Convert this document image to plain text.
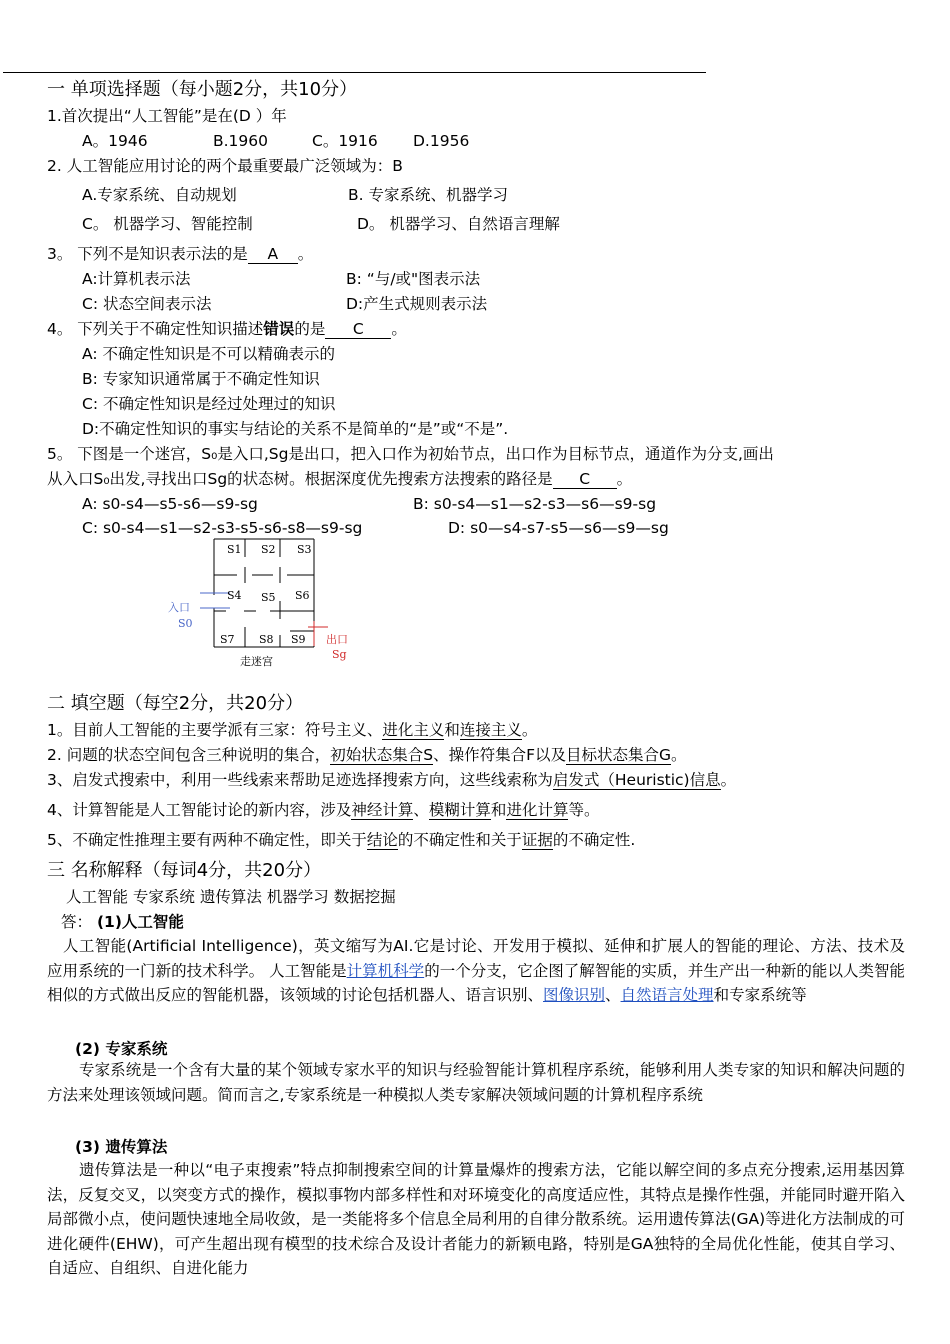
一 单项选择题（每小题2分，共10分）
1.首次提出“人工智能”是在(D ）年
A。1946	B.1960	C。1916 D.1956
2. 人工智能应用讨论的两个最重要最广泛领域为：B
A.专家系统、自动规划	B. 专家系统、机器学习
C。 机器学习、智能控制	D。 机器学习、自然语言理解
3。 下列不是知识表示法的是A。
A:计算机表示法	B: “与/或"图表示法
C: 状态空间表示法	D:产生式规则表示法
4。 下列关于不确定性知识描述错误的是C。
A: 不确定性知识是不可以精确表示的
B: 专家知识通常属于不确定性知识
C: 不确定性知识是经过处理过的知识
D:不确定性知识的事实与结论的关系不是简单的“是”或“不是”.
5。 下图是一个迷宫，S₀是入口,Sg是出口，把入口作为初始节点，出口作为目标节点，通道作为分支,画出
从入口S₀出发,寻找出口Sg的状态树。根据深度优先搜索方法搜索的路径是C。
A: s0-s4—s5-s6—s9-sg	B: s0-s4—s1—s2-s3—s6—s9-sg
C: s0-s4—s1—s2-s3-s5-s6-s8—s9-sg	D: s0—s4-s7-s5—s6—s9—sg
S1 S2 S3
S4 S5 S6
S7 S8 S9
入口
S0
出口
Sg
走迷宫
二 填空题（每空2分，共20分）
1。目前人工智能的主要学派有三家：符号主义、进化主义和连接主义。
2. 问题的状态空间包含三种说明的集合，初始状态集合S、操作符集合F以及目标状态集合G。
3、启发式搜索中，利用一些线索来帮助足迹选择搜索方向，这些线索称为启发式（Heuristic)信息。
4、计算智能是人工智能讨论的新内容，涉及神经计算、模糊计算和进化计算等。
5、不确定性推理主要有两种不确定性，即关于结论的不确定性和关于证据的不确定性.
三 名称解释（每词4分，共20分）
人工智能 专家系统 遗传算法 机器学习 数据挖掘
答： (1)人工智能
人工智能(Artificial Intelligence)，英文缩写为AI.它是讨论、开发用于模拟、延伸和扩展人的智能的理论、方法、技术及应用系统的一门新的技术科学。 人工智能是计算机科学的一个分支，它企图了解智能的实质，并生产出一种新的能以人类智能相似的方式做出反应的智能机器，该领域的讨论包括机器人、语言识别、图像识别、自然语言处理和专家系统等
(2) 专家系统
专家系统是一个含有大量的某个领域专家水平的知识与经验智能计算机程序系统，能够利用人类专家的知识和解决问题的方法来处理该领域问题。简而言之,专家系统是一种模拟人类专家解决领域问题的计算机程序系统
(3) 遗传算法
遗传算法是一种以“电子束搜索”特点抑制搜索空间的计算量爆炸的搜索方法，它能以解空间的多点充分搜索,运用基因算法，反复交叉，以突变方式的操作，模拟事物内部多样性和对环境变化的高度适应性，其特点是操作性强，并能同时避开陷入局部微小点，使问题快速地全局收敛，是一类能将多个信息全局利用的自律分散系统。运用遗传算法(GA)等进化方法制成的可进化硬件(EHW)，可产生超出现有模型的技术综合及设计者能力的新颖电路，特别是GA独特的全局优化性能，使其自学习、自适应、自组织、自进化能力
